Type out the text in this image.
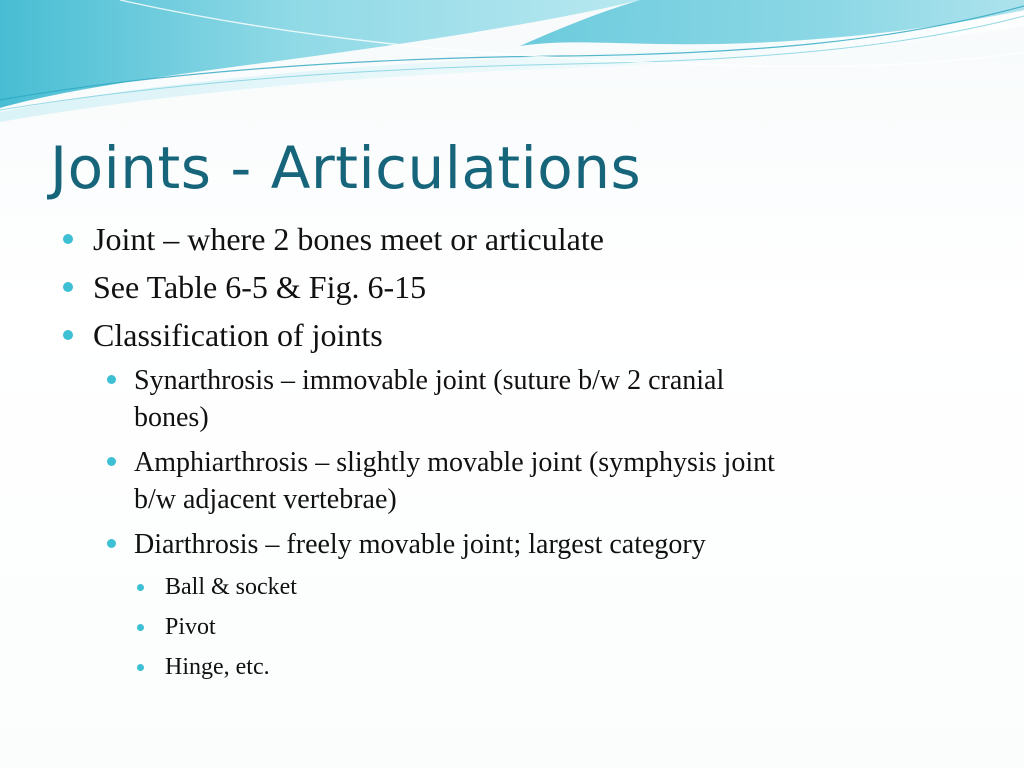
Joints - Articulations
Joint – where 2 bones meet or articulate
See Table 6-5 & Fig. 6-15
Classification of joints
Synarthrosis – immovable joint (suture b/w 2 cranial
bones)
Amphiarthrosis – slightly movable joint (symphysis joint
b/w adjacent vertebrae)
Diarthrosis – freely movable joint; largest category
Ball & socket
Pivot
Hinge, etc.
